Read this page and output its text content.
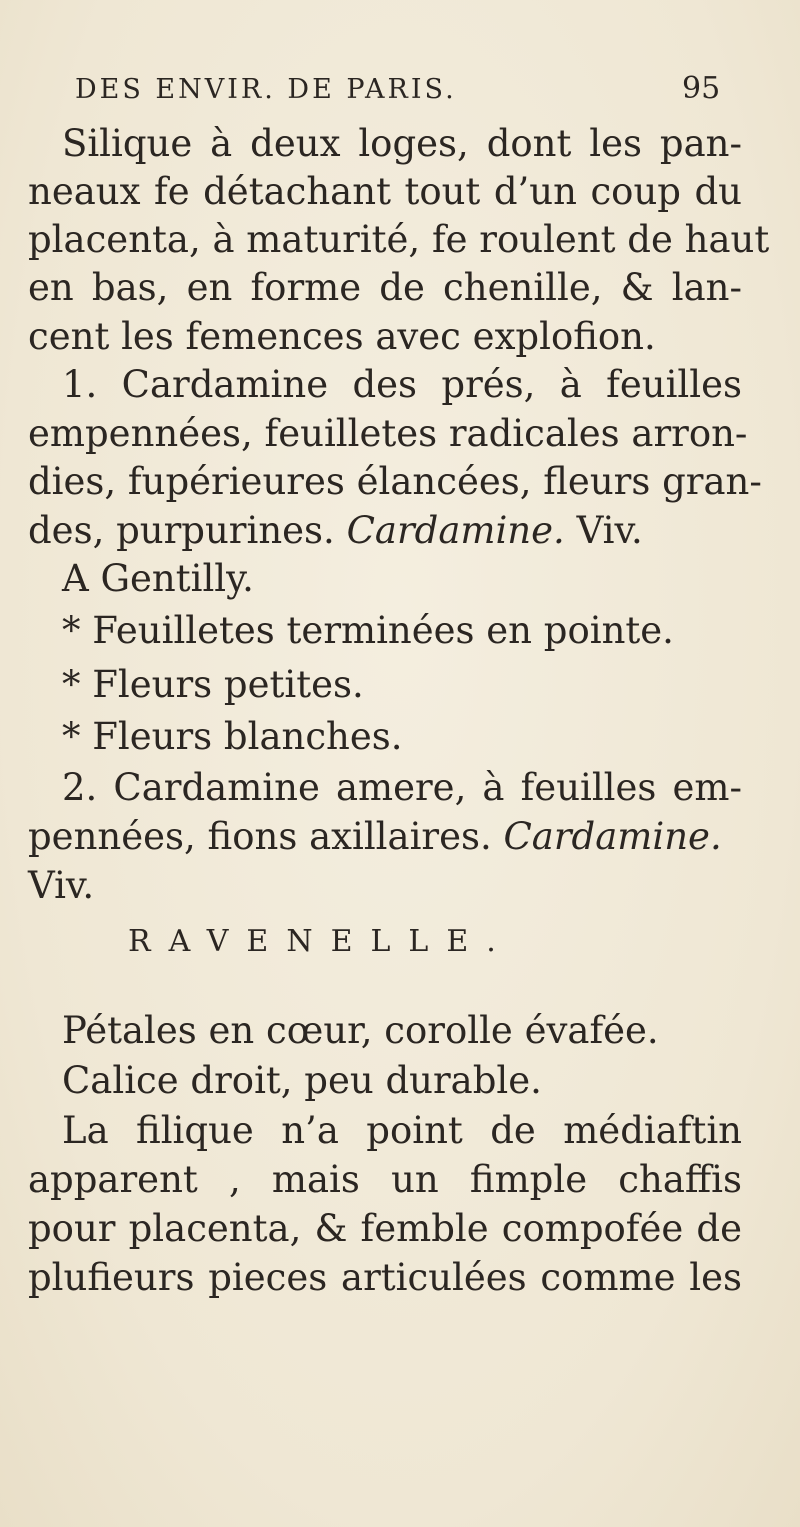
DES ENVIR. DE PARIS.	95
Silique à deux loges, dont les pan-
neaux fe détachant tout d’un coup du
placenta, à maturité, fe roulent de haut
en bas, en forme de chenille, & lan-
cent les femences avec explofion.
1. Cardamine des prés, à feuilles
empennées, feuilletes radicales arron-
dies, fupérieures élancées, fleurs gran-
des, purpurines. Cardamine. Viv.
A Gentilly.
* Feuilletes terminées en pointe.
* Fleurs petites.
* Fleurs blanches.
2. Cardamine amere, à feuilles em-
pennées, fions axillaires. Cardamine.
Viv.
RAVENELLE.
Pétales en cœur, corolle évafée.
Calice droit, peu durable.
La filique n’a point de médiaftin
apparent , mais un fimple chaffis
pour placenta, & femble compofée de
plufieurs pieces articulées comme les
